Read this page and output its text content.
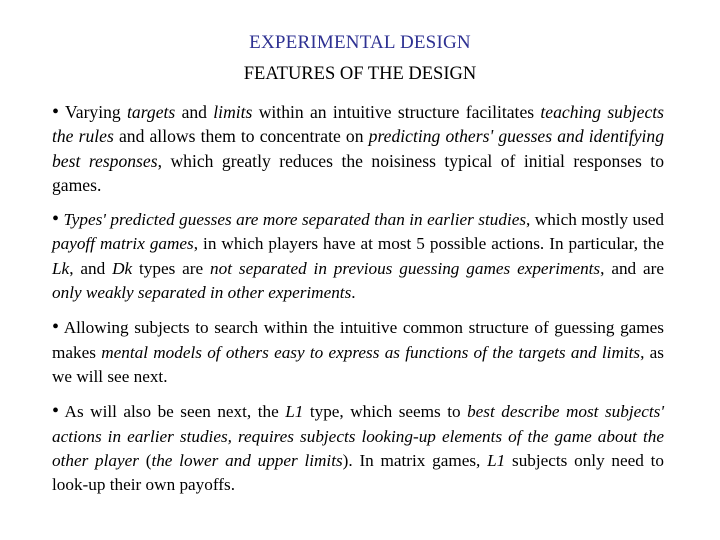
EXPERIMENTAL DESIGN
FEATURES OF THE DESIGN

• Varying targets and limits within an intuitive structure facilitates teaching subjects the rules and allows them to concentrate on predicting others' guesses and identifying best responses, which greatly reduces the noisiness typical of initial responses to games.

• Types' predicted guesses are more separated than in earlier studies, which mostly used payoff matrix games, in which players have at most 5 possible actions. In particular, the Lk, and Dk types are not separated in previous guessing games experiments, and are only weakly separated in other experiments.

• Allowing subjects to search within the intuitive common structure of guessing games makes mental models of others easy to express as functions of the targets and limits, as we will see next.

• As will also be seen next, the L1 type, which seems to best describe most subjects' actions in earlier studies, requires subjects looking-up elements of the game about the other player (the lower and upper limits). In matrix games, L1 subjects only need to look-up their own payoffs.
